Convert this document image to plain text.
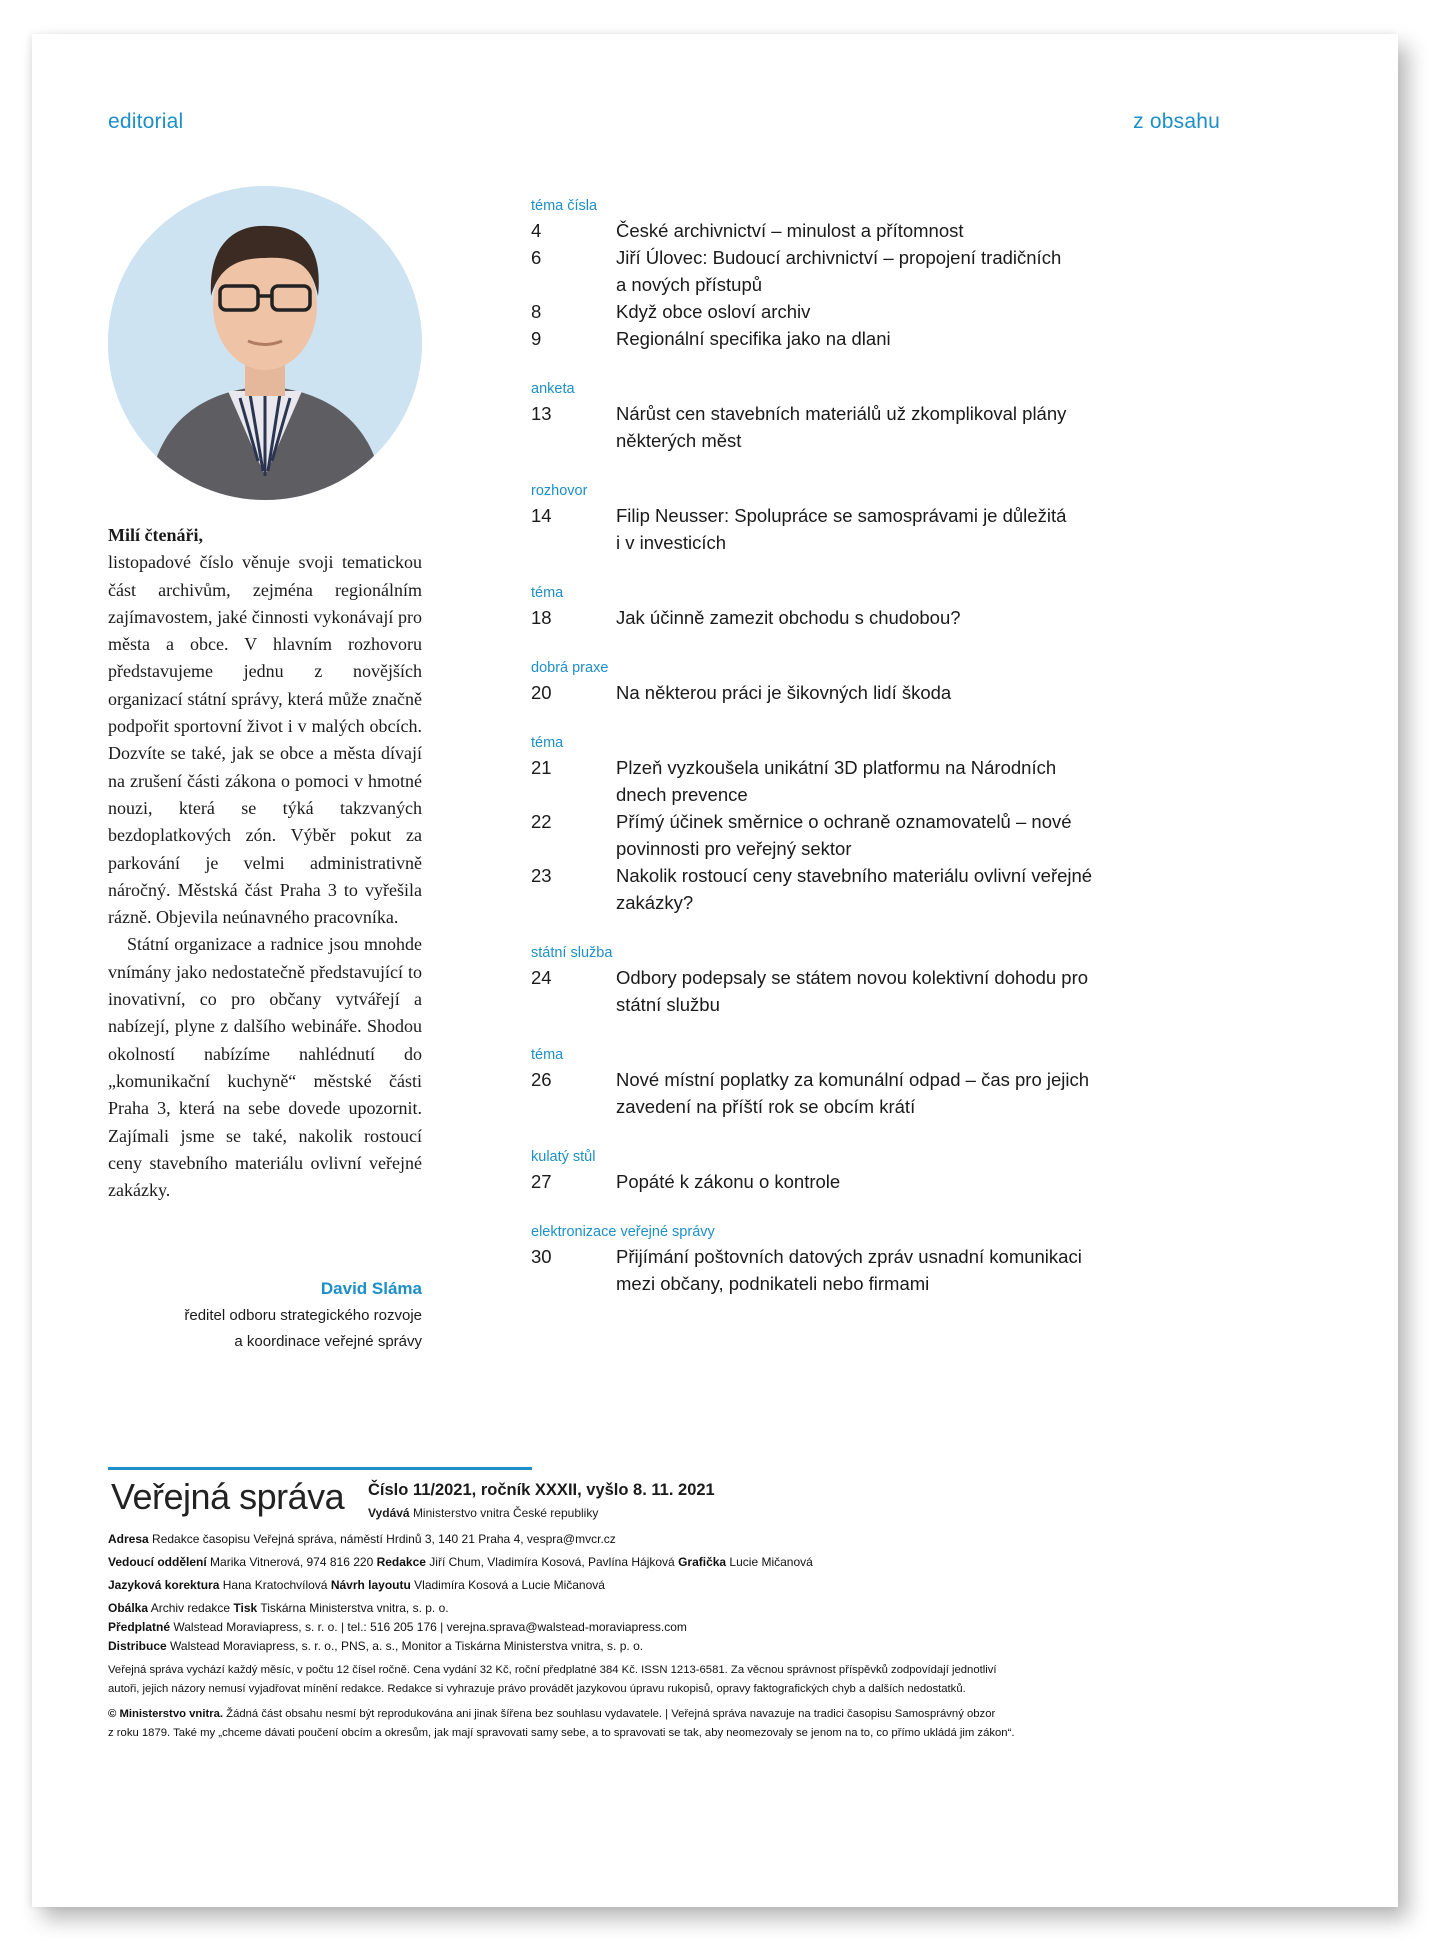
editorial	z obsahu
Milí čtenáři,

listopadové číslo věnuje svoji tematickou část archivům, zejména regionálním zajímavostem, jaké činnosti vykonávají pro města a obce. V hlavním rozhovoru představujeme jednu z novějších organizací státní správy, která může značně podpořit sportovní život i v malých obcích. Dozvíte se také, jak se obce a města dívají na zrušení části zákona o pomoci v hmotné nouzi, která se týká takzvaných bezdoplatkových zón. Výběr pokut za parkování je velmi administrativně náročný. Městská část Praha 3 to vyřešila rázně. Objevila neúnavného pracovníka.

Státní organizace a radnice jsou mnohde vnímány jako nedostatečně představující to inovativní, co pro občany vytvářejí a nabízejí, plyne z dalšího webináře. Shodou okolností nabízíme nahlédnutí do „komunikační kuchyně“ městské části Praha 3, která na sebe dovede upozornit. Zajímali jsme se také, nakolik rostoucí ceny stavebního materiálu ovlivní veřejné zakázky.

David Sláma
ředitel odboru strategického rozvoje
a koordinace veřejné správy
téma čísla
4	České archivnictví – minulost a přítomnost
6	Jiří Úlovec: Budoucí archivnictví – propojení tradičních
a nových přístupů
8	Když obce osloví archiv
9	Regionální specifika jako na dlani
anketa
13	Nárůst cen stavebních materiálů už zkomplikoval plány
některých měst
rozhovor
14	Filip Neusser: Spolupráce se samosprávami je důležitá
i v investicích
téma
18	Jak účinně zamezit obchodu s chudobou?
dobrá praxe
20	Na některou práci je šikovných lidí škoda
téma
21	Plzeň vyzkoušela unikátní 3D platformu na Národních
dnech prevence
22	Přímý účinek směrnice o ochraně oznamovatelů – nové
povinnosti pro veřejný sektor
23	Nakolik rostoucí ceny stavebního materiálu ovlivní veřejné
zakázky?
státní služba
24	Odbory podepsaly se státem novou kolektivní dohodu pro
státní službu
téma
26	Nové místní poplatky za komunální odpad – čas pro jejich
zavedení na příští rok se obcím krátí
kulatý stůl
27	Popáté k zákonu o kontrole
elektronizace veřejné správy
30	Přijímání poštovních datových zpráv usnadní komunikaci
mezi občany, podnikateli nebo firmami
Veřejná správa Číslo 11/2021, ročník XXXII, vyšlo 8. 11. 2021
Vydává Ministerstvo vnitra České republiky
Adresa Redakce časopisu Veřejná správa, náměstí Hrdinů 3, 140 21 Praha 4, vespra@mvcr.cz
Vedoucí oddělení Marika Vitnerová, 974 816 220 Redakce Jiří Chum, Vladimíra Kosová, Pavlína Hájková Grafička Lucie Mičanová
Jazyková korektura Hana Kratochvílová Návrh layoutu Vladimíra Kosová a Lucie Mičanová
Obálka Archiv redakce Tisk Tiskárna Ministerstva vnitra, s. p. o.
Předplatné Walstead Moraviapress, s. r. o. | tel.: 516 205 176 | verejna.sprava@walstead-moraviapress.com
Distribuce Walstead Moraviapress, s. r. o., PNS, a. s., Monitor a Tiskárna Ministerstva vnitra, s. p. o.
Veřejná správa vychází každý měsíc, v počtu 12 čísel ročně. Cena vydání 32 Kč, roční předplatné 384 Kč. ISSN 1213-6581. Za věcnou správnost příspěvků zodpovídají jednotliví
autoři, jejich názory nemusí vyjadřovat mínění redakce. Redakce si vyhrazuje právo provádět jazykovou úpravu rukopisů, opravy faktografických chyb a dalších nedostatků.
© Ministerstvo vnitra. Žádná část obsahu nesmí být reprodukována ani jinak šířena bez souhlasu vydavatele. | Veřejná správa navazuje na tradici časopisu Samosprávný obzor
z roku 1879. Také my „chceme dávati poučení obcím a okresům, jak mají spravovati samy sebe, a to spravovati se tak, aby neomezovaly se jenom na to, co přímo ukládá jim zákon“.
